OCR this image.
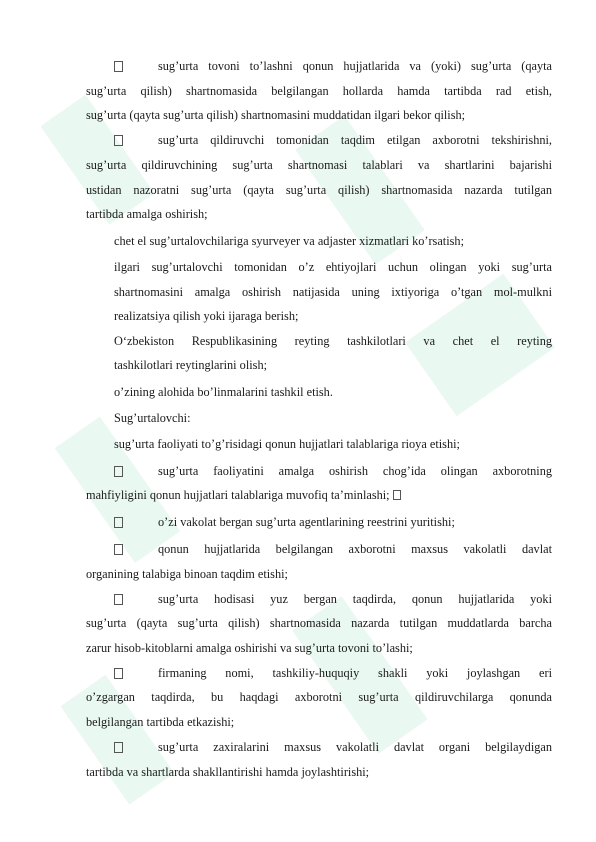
sug’urta tovoni to’lashni qonun hujjatlarida va (yoki) sug’urta (qayta
sug’urta qilish) shartnomasida belgilangan hollarda hamda tartibda rad etish,
sug’urta (qayta sug’urta qilish) shartnomasini muddatidan ilgari bekor qilish;
sug’urta qildiruvchi tomonidan taqdim etilgan axborotni tekshirishni,
sug’urta qildiruvchining sug’urta shartnomasi talablari va shartlarini bajarishi
ustidan nazoratni sug’urta (qayta sug’urta qilish) shartnomasida nazarda tutilgan
tartibda amalga oshirish;
chet el sug’urtalovchilariga syurveyer va adjaster xizmatlari ko’rsatish;
ilgari sug’urtalovchi tomonidan o’z ehtiyojlari uchun olingan yoki sug’urta
shartnomasini amalga oshirish natijasida uning ixtiyoriga o’tgan mol-mulkni
realizatsiya qilish yoki ijaraga berish;
O‘zbekiston Respublikasining reyting tashkilotlari va chet el reyting
tashkilotlari reytinglarini olish;
o’zining alohida bo’linmalarini tashkil etish.
Sug’urtalovchi:
sug’urta faoliyati to’g’risidagi qonun hujjatlari talablariga rioya etishi;
sug’urta faoliyatini amalga oshirish chog’ida olingan axborotning
mahfiyligini qonun hujjatlari talablariga muvofiq ta’minlashi;
o’zi vakolat bergan sug’urta agentlarining reestrini yuritishi;
qonun hujjatlarida belgilangan axborotni maxsus vakolatli davlat
organining talabiga binoan taqdim etishi;
sug’urta hodisasi yuz bergan taqdirda, qonun hujjatlarida yoki
sug’urta (qayta sug’urta qilish) shartnomasida nazarda tutilgan muddatlarda barcha
zarur hisob-kitoblarni amalga oshirishi va sug’urta tovoni to’lashi;
firmaning nomi, tashkiliy-huquqiy shakli yoki joylashgan eri
o’zgargan taqdirda, bu haqdagi axborotni sug’urta qildiruvchilarga qonunda
belgilangan tartibda etkazishi;
sug’urta zaxiralarini maxsus vakolatli davlat organi belgilaydigan
tartibda va shartlarda shakllantirishi hamda joylashtirishi;
